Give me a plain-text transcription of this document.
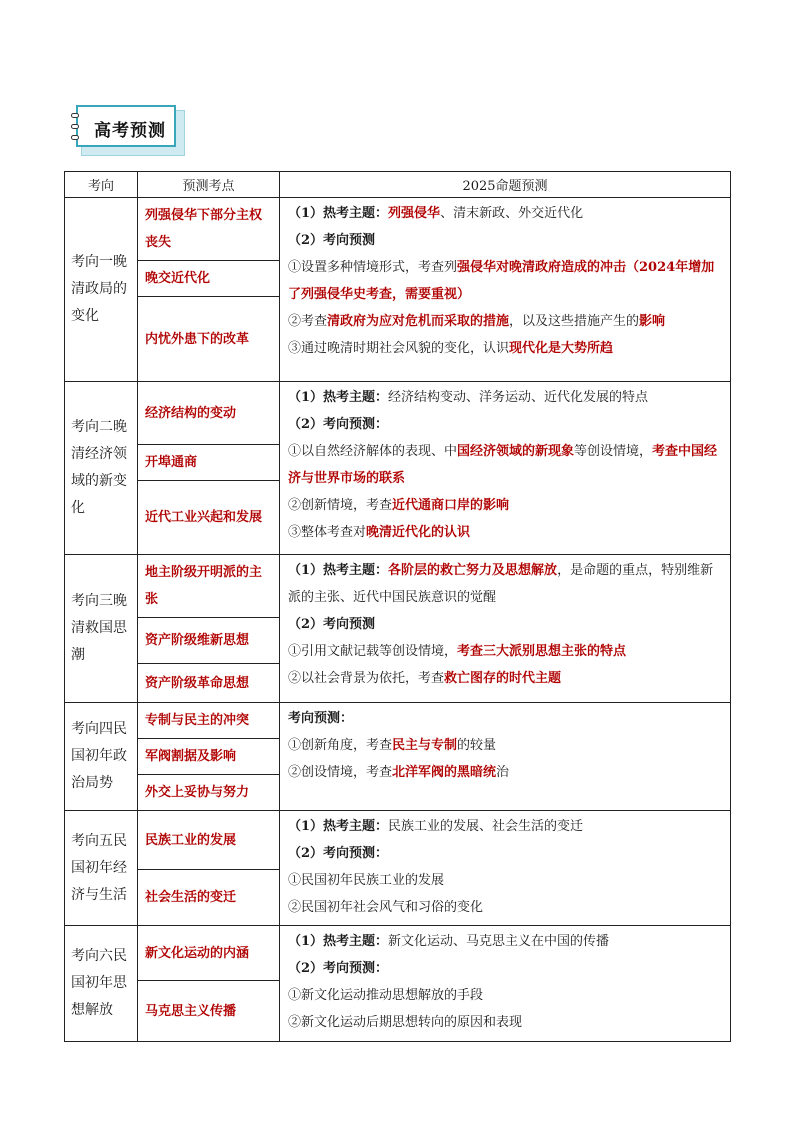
高考预测
考向	预测考点	2025命题预测
考向一晚清政局的变化	列强侵华下部分主权丧失	（1）热考主题：列强侵华、清末新政、外交近代化

（2）考向预测

①设置多种情境形式，考查列强侵华对晚清政府造成的冲击（2024年增加了列强侵华史考查，需要重视）

②考查清政府为应对危机而采取的措施，以及这些措施产生的影响

③通过晚清时期社会风貌的变化，认识现代化是大势所趋

	晚交近代化	
	内忧外患下的改革	
考向二晚清经济领域的新变化	经济结构的变动	（1）热考主题：经济结构变动、洋务运动、近代化发展的特点

（2）考向预测：

①以自然经济解体的表现、中国经济领域的新现象等创设情境，考查中国经济与世界市场的联系

②创新情境，考查近代通商口岸的影响

③整体考查对晚清近代化的认识

	开埠通商	
	近代工业兴起和发展	
考向三晚清救国思潮	地主阶级开明派的主张	（1）热考主题：各阶层的救亡努力及思想解放，是命题的重点，特别维新派的主张、近代中国民族意识的觉醒

（2）考向预测

①引用文献记载等创设情境，考查三大派别思想主张的特点

②以社会背景为依托，考查救亡图存的时代主题

	资产阶级维新思想	
	资产阶级革命思想	
考向四民国初年政治局势	专制与民主的冲突	考向预测：

①创新角度，考查民主与专制的较量

②创设情境，考查北洋军阀的黑暗统治

	军阀割据及影响	
	外交上妥协与努力	
考向五民国初年经济与生活	民族工业的发展	（1）热考主题：民族工业的发展、社会生活的变迁

（2）考向预测：

①民国初年民族工业的发展

②民国初年社会风气和习俗的变化

	社会生活的变迁	
考向六民国初年思想解放	新文化运动的内涵	（1）热考主题：新文化运动、马克思主义在中国的传播

（2）考向预测：

①新文化运动推动思想解放的手段

②新文化运动后期思想转向的原因和表现

	马克思主义传播	
